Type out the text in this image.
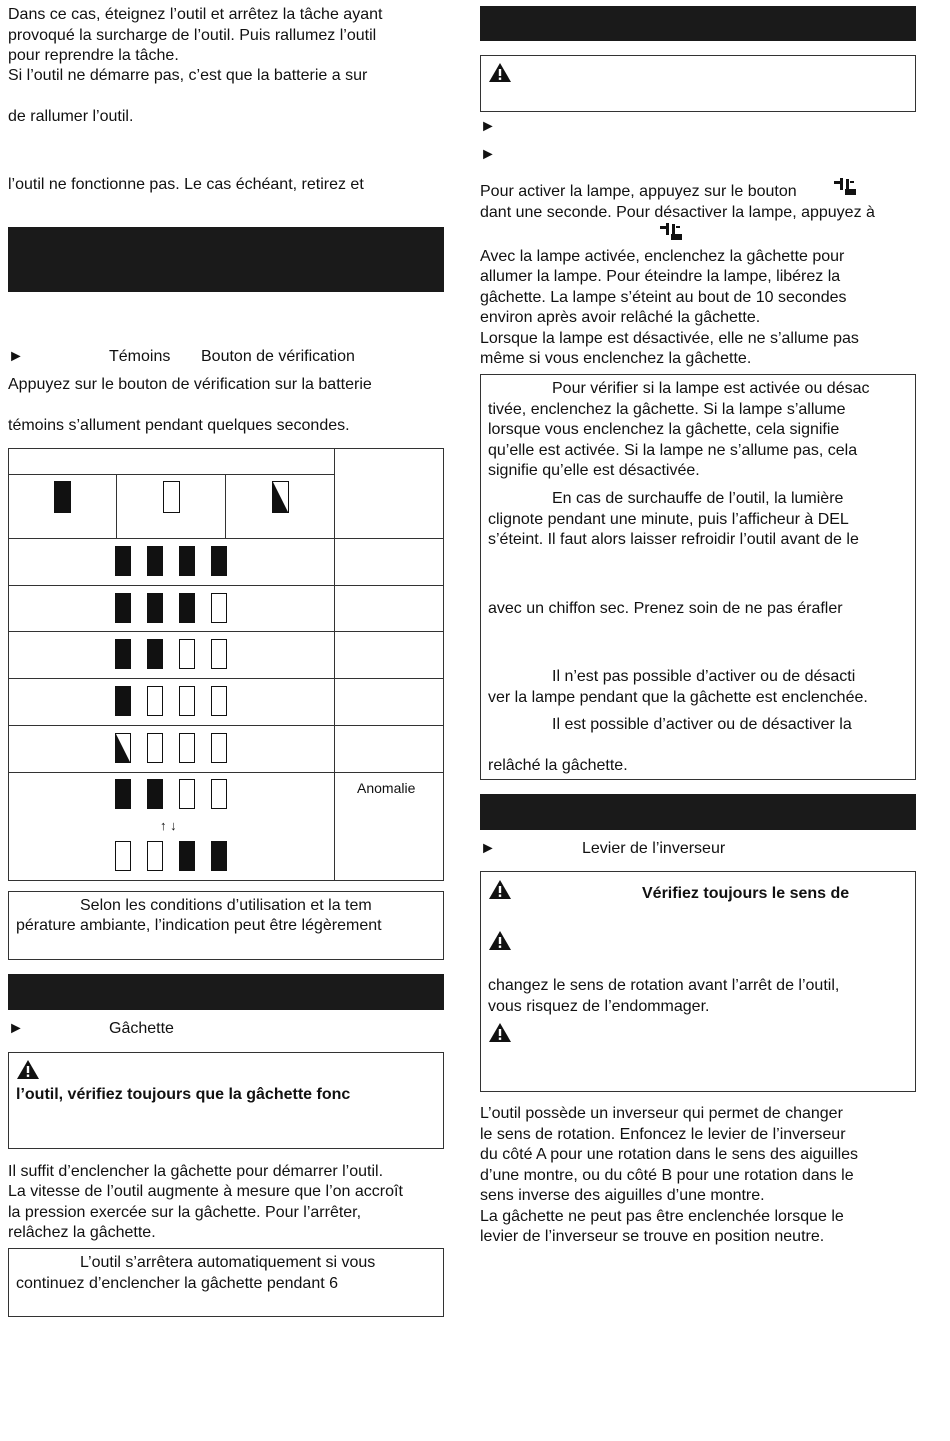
Dans ce cas, éteignez l’outil et arrêtez la tâche ayant
provoqué la surcharge de l’outil. Puis rallumez l’outil
pour reprendre la tâche.
Si l’outil ne démarre pas, c’est que la batterie a sur
de rallumer l’outil.
l’outil ne fonctionne pas. Le cas échéant, retirez et
►	Témoins Bouton de vérification
Appuyez sur le bouton de vérification sur la batterie
témoins s’allument pendant quelques secondes.
↑ ↓
Anomalie
Selon les conditions d’utilisation et la tem
pérature ambiante, l’indication peut être légèrement
►	Gâchette
l’outil, vérifiez toujours que la gâchette fonc
Il suffit d’enclencher la gâchette pour démarrer l’outil.
La vitesse de l’outil augmente à mesure que l’on accroît
la pression exercée sur la gâchette. Pour l’arrêter,
relâchez la gâchette.
L’outil s’arrêtera automatiquement si vous
continuez d’enclencher la gâchette pendant 6
►
►
Pour activer la lampe, appuyez sur le bouton
dant une seconde. Pour désactiver la lampe, appuyez à
Avec la lampe activée, enclenchez la gâchette pour
allumer la lampe. Pour éteindre la lampe, libérez la
gâchette. La lampe s’éteint au bout de 10 secondes
environ après avoir relâché la gâchette.
Lorsque la lampe est désactivée, elle ne s’allume pas
même si vous enclenchez la gâchette.
Pour vérifier si la lampe est activée ou désac
tivée, enclenchez la gâchette. Si la lampe s’allume
lorsque vous enclenchez la gâchette, cela signifie
qu’elle est activée. Si la lampe ne s’allume pas, cela
signifie qu’elle est désactivée.
En cas de surchauffe de l’outil, la lumière
clignote pendant une minute, puis l’afficheur à DEL
s’éteint. Il faut alors laisser refroidir l’outil avant de le
avec un chiffon sec. Prenez soin de ne pas érafler
Il n’est pas possible d’activer ou de désacti
ver la lampe pendant que la gâchette est enclenchée.
Il est possible d’activer ou de désactiver la
relâché la gâchette.
►	Levier de l’inverseur
Vérifiez toujours le sens de
changez le sens de rotation avant l’arrêt de l’outil,
vous risquez de l’endommager.
L’outil possède un inverseur qui permet de changer
le sens de rotation. Enfoncez le levier de l’inverseur
du côté A pour une rotation dans le sens des aiguilles
d’une montre, ou du côté B pour une rotation dans le
sens inverse des aiguilles d’une montre.
La gâchette ne peut pas être enclenchée lorsque le
levier de l’inverseur se trouve en position neutre.
